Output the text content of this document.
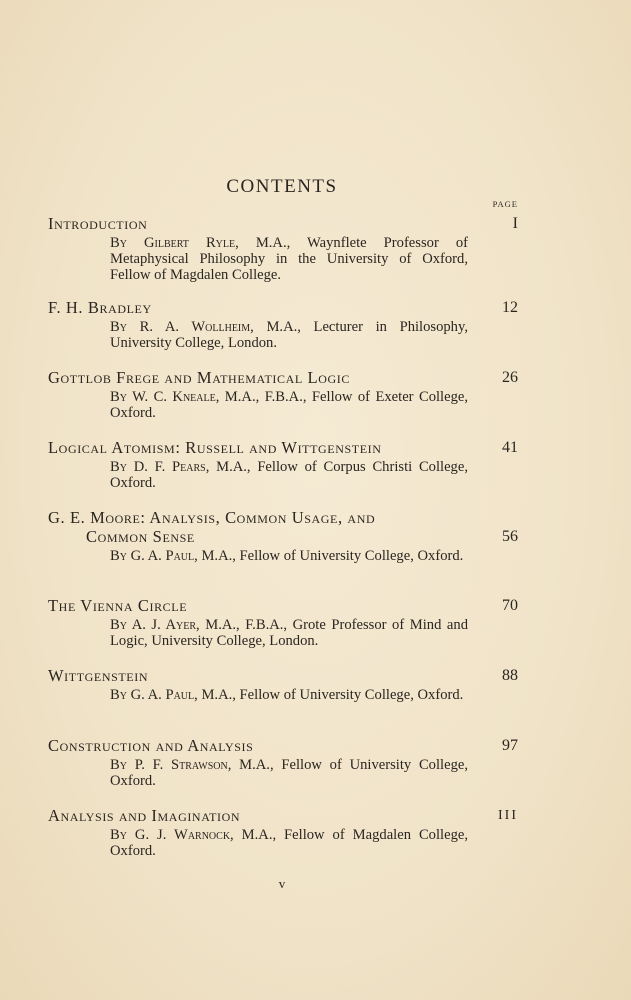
CONTENTS
PAGE
Introduction	I
By Gilbert Ryle, M.A., Waynflete Professor of Metaphysical Philosophy in the University of Oxford, Fellow of Magdalen College.
F. H. Bradley	12
By R. A. Wollheim, M.A., Lecturer in Philosophy, University College, London.
Gottlob Frege and Mathematical Logic	26
By W. C. Kneale, M.A., F.B.A., Fellow of Exeter College, Oxford.
Logical Atomism: Russell and Wittgenstein	41
By D. F. Pears, M.A., Fellow of Corpus Christi College, Oxford.
G. E. Moore: Analysis, Common Usage, and
Common Sense	56
By G. A. Paul, M.A., Fellow of University College, Oxford.
The Vienna Circle	70
By A. J. Ayer, M.A., F.B.A., Grote Professor of Mind and Logic, University College, London.
Wittgenstein	88
By G. A. Paul, M.A., Fellow of University College, Oxford.
Construction and Analysis	97
By P. F. Strawson, M.A., Fellow of University College, Oxford.
Analysis and Imagination	III
By G. J. Warnock, M.A., Fellow of Magdalen College, Oxford.
v
